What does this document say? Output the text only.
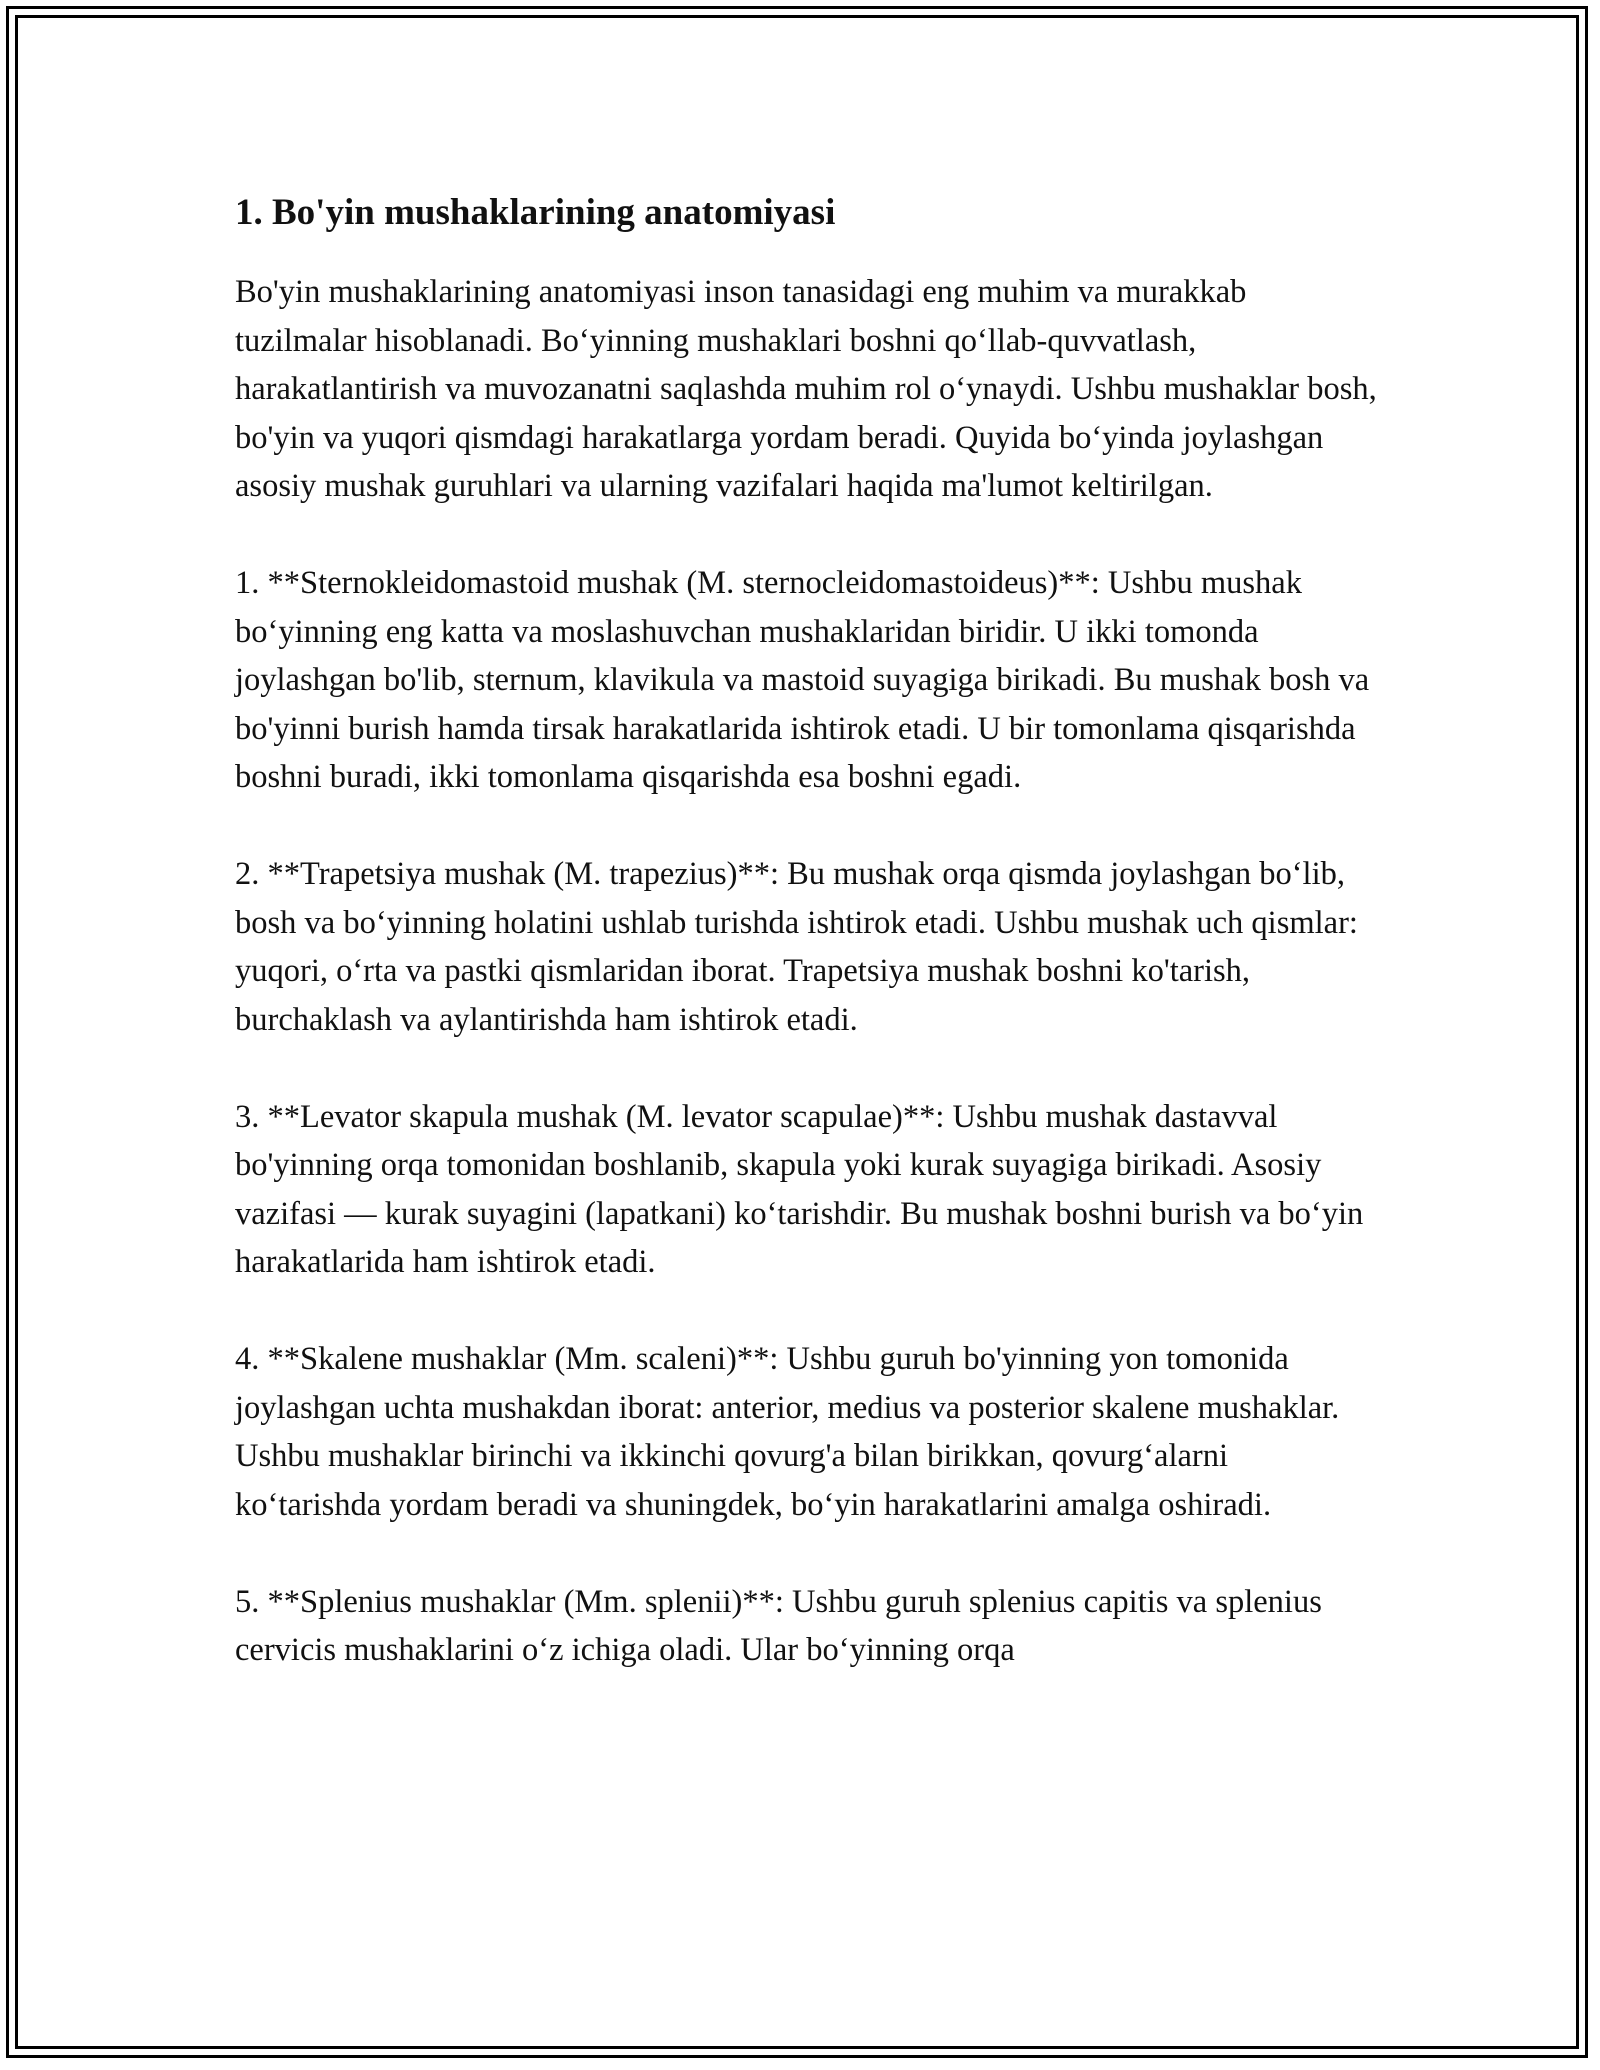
1. Bo'yin mushaklarining anatomiyasi

Bo'yin mushaklarining anatomiyasi inson tanasidagi eng muhim va murakkab tuzilmalar hisoblanadi. Bo‘yinning mushaklari boshni qo‘llab-quvvatlash, harakatlantirish va muvozanatni saqlashda muhim rol o‘ynaydi. Ushbu mushaklar bosh, bo'yin va yuqori qismdagi harakatlarga yordam beradi. Quyida bo‘yinda joylashgan asosiy mushak guruhlari va ularning vazifalari haqida ma'lumot keltirilgan.

1. **Sternokleidomastoid mushak (M. sternocleidomastoideus)**: Ushbu mushak bo‘yinning eng katta va moslashuvchan mushaklaridan biridir. U ikki tomonda joylashgan bo'lib, sternum, klavikula va mastoid suyagiga birikadi. Bu mushak bosh va bo'yinni burish hamda tirsak harakatlarida ishtirok etadi. U bir tomonlama qisqarishda boshni buradi, ikki tomonlama qisqarishda esa boshni egadi.

2. **Trapetsiya mushak (M. trapezius)**: Bu mushak orqa qismda joylashgan bo‘lib, bosh va bo‘yinning holatini ushlab turishda ishtirok etadi. Ushbu mushak uch qismlar: yuqori, o‘rta va pastki qismlaridan iborat. Trapetsiya mushak boshni ko'tarish, burchaklash va aylantirishda ham ishtirok etadi.

3. **Levator skapula mushak (M. levator scapulae)**: Ushbu mushak dastavval bo'yinning orqa tomonidan boshlanib, skapula yoki kurak suyagiga birikadi. Asosiy vazifasi — kurak suyagini (lapatkani) ko‘tarishdir. Bu mushak boshni burish va bo‘yin harakatlarida ham ishtirok etadi.

4. **Skalene mushaklar (Mm. scaleni)**: Ushbu guruh bo'yinning yon tomonida joylashgan uchta mushakdan iborat: anterior, medius va posterior skalene mushaklar. Ushbu mushaklar birinchi va ikkinchi qovurg'a bilan birikkan, qovurg‘alarni ko‘tarishda yordam beradi va shuningdek, bo‘yin harakatlarini amalga oshiradi.

5. **Splenius mushaklar (Mm. splenii)**: Ushbu guruh splenius capitis va splenius cervicis mushaklarini o‘z ichiga oladi. Ular bo‘yinning orqa
